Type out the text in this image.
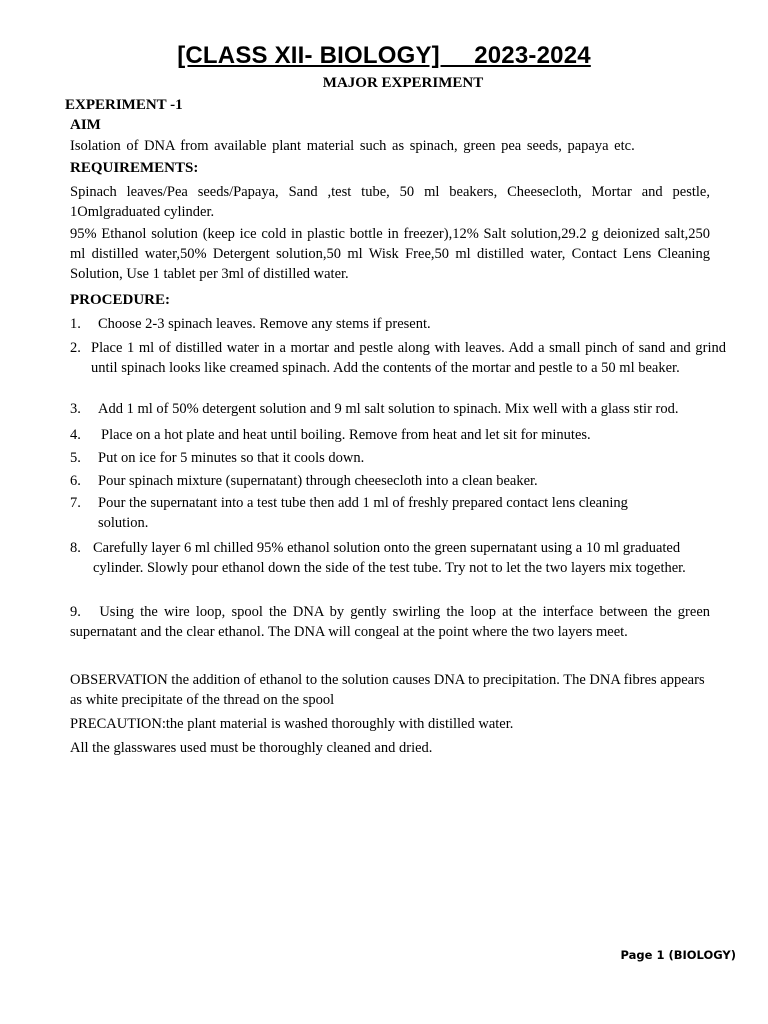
[CLASS XII- BIOLOGY]     2023-2024
MAJOR EXPERIMENT
EXPERIMENT -1
AIM
Isolation of DNA from available plant material such as spinach, green pea seeds, papaya etc.
REQUIREMENTS:
Spinach leaves/Pea seeds/Papaya, Sand ,test tube, 50 ml beakers, Cheesecloth, Mortar and pestle, 1Omlgraduated cylinder.
95% Ethanol solution (keep ice cold in plastic bottle in freezer),12% Salt solution,29.2 g deionized salt,250 ml distilled water,50% Detergent solution,50 ml Wisk Free,50 ml distilled water, Contact Lens Cleaning Solution, Use 1 tablet per 3ml of distilled water.
PROCEDURE:
1.	Choose 2-3 spinach leaves. Remove any stems if present.
2. Place 1 ml of distilled water in a mortar and pestle along with leaves. Add a small pinch of sand and grind until spinach looks like creamed spinach. Add the contents of the mortar and pestle to a 50 ml beaker.
3.	Add 1 ml of 50% detergent solution and 9 ml salt solution to spinach. Mix well with a glass stir rod.
4.	Place on a hot plate and heat until boiling. Remove from heat and let sit for minutes.
5.	Put on ice for 5 minutes so that it cools down.
6.	Pour spinach mixture (supernatant) through cheesecloth into a clean beaker.
7.	Pour the supernatant into a test tube then add 1 ml of freshly prepared contact lens cleaning solution.
8. Carefully layer 6 ml chilled 95% ethanol solution onto the green supernatant using a 10 ml graduated cylinder. Slowly pour ethanol down the side of the test tube. Try not to let the two layers mix together.
9. Using the wire loop, spool the DNA by gently swirling the loop at the interface between the green supernatant and the clear ethanol. The DNA will congeal at the point where the two layers meet.
OBSERVATION the addition of ethanol to the solution causes DNA to precipitation. The DNA fibres appears as white precipitate of the thread on the spool
PRECAUTION:the plant material is washed thoroughly with distilled water.
All the glasswares used must be thoroughly cleaned and dried.
Page 1 (BIOLOGY)
